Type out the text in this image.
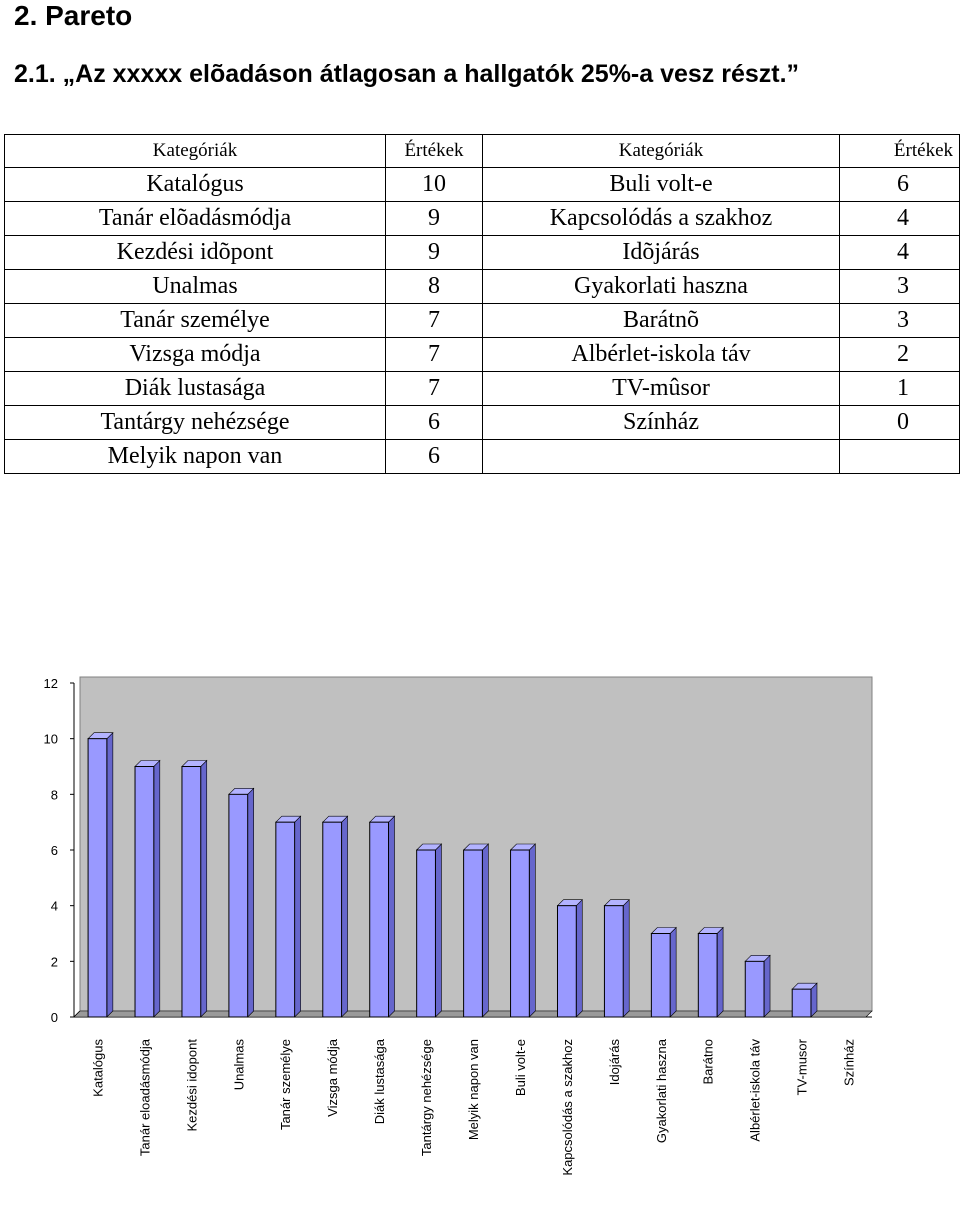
2. Pareto
2.1. „Az xxxxx elõadáson átlagosan a hallgatók 25%-a vesz részt.”
Kategóriák Értékek	Kategóriák	Értékek

Katalógus 10	Buli volt-e	6

Tanár elõadásmódja 9	Kapcsolódás a szakhoz	4

Kezdési idõpont 9	Idõjárás	4

Unalmas 8	Gyakorlati haszna	3

Tanár személye 7	Barátnõ	3

Vizsga módja 7	Albérlet-iskola táv	2

Diák lustasága 7	TV-mûsor	1

Tantárgy nehézsége 6	Színház	0

Melyik napon van 6		

0
2
4
6
8
10
12
Katalógus Tanár eloadásmódja Kezdési idopont Unalmas Tanár személye Vizsga módja Diák lustasága Tantárgy nehézsége Melyik napon van Buli volt-e Kapcsolódás a szakhoz Idojárás Gyakorlati haszna Barátno Albérlet-iskola táv TV-musor Színház
